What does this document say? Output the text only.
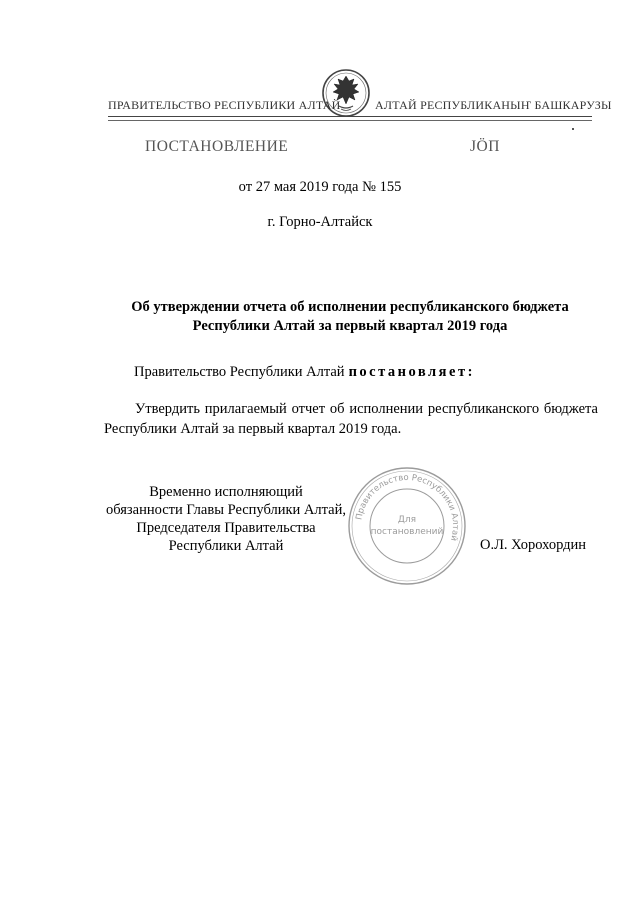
ПРАВИТЕЛЬСТВО РЕСПУБЛИКИ АЛТАЙ	АЛТАЙ РЕСПУБЛИКАНЫҤ БАШКАРУЗЫ
ПОСТАНОВЛЕНИЕ	ЈӦП
от 27 мая 2019 года № 155
г. Горно-Алтайск
Об утверждении отчета об исполнении республиканского бюджета
Республики Алтай за первый квартал 2019 года
Правительство Республики Алтай постановляет:
Утвердить прилагаемый отчет об исполнении республиканского бюджета Республики Алтай за первый квартал 2019 года.
Временно исполняющий
обязанности Главы Республики Алтай,
Председателя Правительства
Республики Алтай
Правительство Республики Алтай
Для
постановлений
О.Л. Хорохордин
